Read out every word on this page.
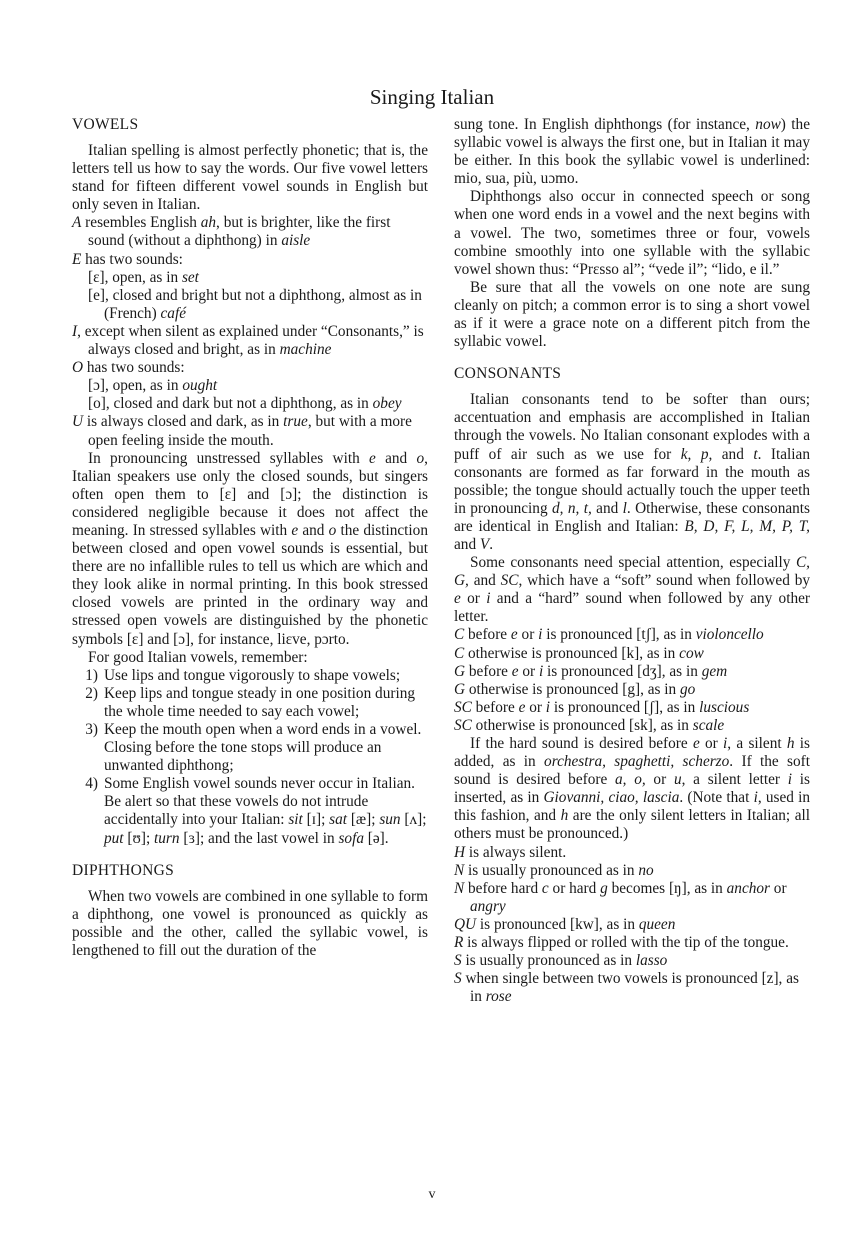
Singing Italian
VOWELS

Italian spelling is almost perfectly phonetic; that is, the letters tell us how to say the words. Our five vowel letters stand for fifteen different vowel sounds in English but only seven in Italian.

A resembles English ah, but is brighter, like the first sound (without a diphthong) in aisle

E has two sounds:

[ɛ], open, as in set

[e], closed and bright but not a diphthong, almost as in (French) café

I, except when silent as explained under “Consonants,” is always closed and bright, as in machine

O has two sounds:

[ɔ], open, as in ought

[o], closed and dark but not a diphthong, as in obey

U is always closed and dark, as in true, but with a more open feeling inside the mouth.

In pronouncing unstressed syllables with e and o, Italian speakers use only the closed sounds, but singers often open them to [ɛ] and [ɔ]; the distinction is considered negligible because it does not affect the meaning. In stressed syllables with e and o the distinction between closed and open vowel sounds is essential, but there are no infallible rules to tell us which are which and they look alike in normal printing. In this book stressed closed vowels are printed in the ordinary way and stressed open vowels are distinguished by the phonetic symbols [ɛ] and [ɔ], for instance, liɛve, pɔrto.

For good Italian vowels, remember:

1) Use lips and tongue vigorously to shape vowels;
2) Keep lips and tongue steady in one position during the whole time needed to say each vowel;
3) Keep the mouth open when a word ends in a vowel. Closing before the tone stops will produce an unwanted diphthong;
4) Some English vowel sounds never occur in Italian. Be alert so that these vowels do not intrude accidentally into your Italian: sit [ɪ]; sat [æ]; sun [ʌ]; put [ʊ]; turn [ɜ]; and the last vowel in sofa [ə].
DIPHTHONGS

When two vowels are combined in one syllable to form a diphthong, one vowel is pronounced as quickly as possible and the other, called the syllabic vowel, is lengthened to fill out the duration of the

sung tone. In English diphthongs (for instance, now) the syllabic vowel is always the first one, but in Italian it may be either. In this book the syllabic vowel is underlined: mio, sua, più, uɔmo.

Diphthongs also occur in connected speech or song when one word ends in a vowel and the next begins with a vowel. The two, sometimes three or four, vowels combine smoothly into one syllable with the syllabic vowel shown thus: “Prɛsso al”; “vede il”; “lido, e il.”

Be sure that all the vowels on one note are sung cleanly on pitch; a common error is to sing a short vowel as if it were a grace note on a different pitch from the syllabic vowel.

CONSONANTS

Italian consonants tend to be softer than ours; accentuation and emphasis are accomplished in Italian through the vowels. No Italian consonant explodes with a puff of air such as we use for k, p, and t. Italian consonants are formed as far forward in the mouth as possible; the tongue should actually touch the upper teeth in pronouncing d, n, t, and l. Otherwise, these consonants are identical in English and Italian: B, D, F, L, M, P, T, and V.

Some consonants need special attention, especially C, G, and SC, which have a “soft” sound when followed by e or i and a “hard” sound when followed by any other letter.

C before e or i is pronounced [tʃ], as in violoncello

C otherwise is pronounced [k], as in cow

G before e or i is pronounced [dʒ], as in gem

G otherwise is pronounced [g], as in go

SC before e or i is pronounced [ʃ], as in luscious

SC otherwise is pronounced [sk], as in scale

If the hard sound is desired before e or i, a silent h is added, as in orchestra, spaghetti, scherzo. If the soft sound is desired before a, o, or u, a silent letter i is inserted, as in Giovanni, ciao, lascia. (Note that i, used in this fashion, and h are the only silent letters in Italian; all others must be pronounced.)

H is always silent.

N is usually pronounced as in no

N before hard c or hard g becomes [ŋ], as in anchor or angry

QU is pronounced [kw], as in queen

R is always flipped or rolled with the tip of the tongue.

S is usually pronounced as in lasso

S when single between two vowels is pronounced [z], as in rose

v
